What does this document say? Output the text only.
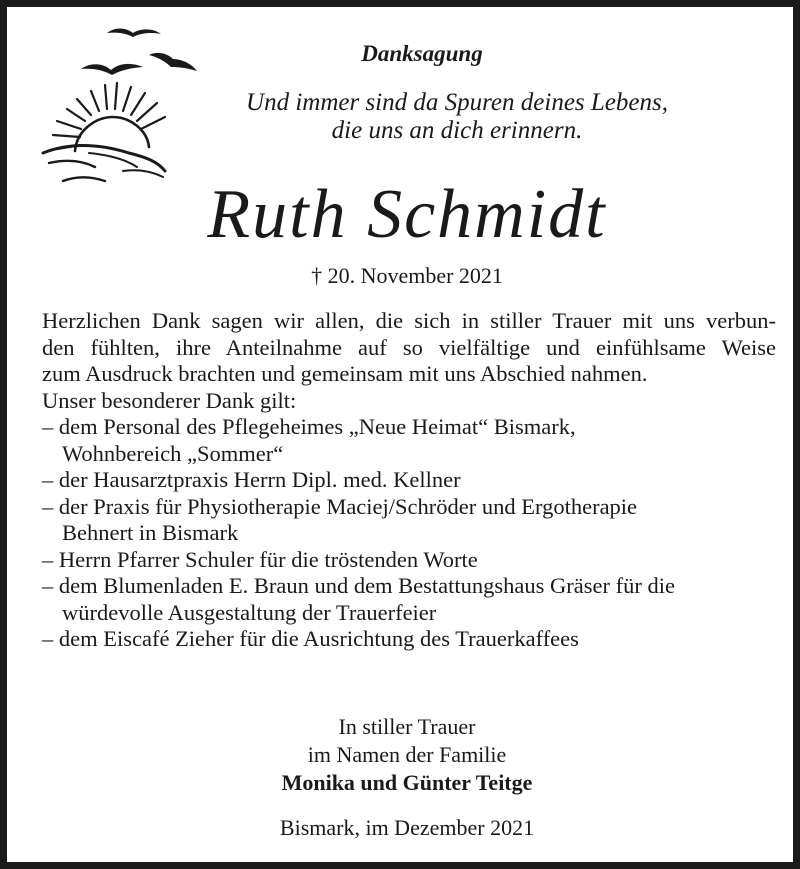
Danksagung
Und immer sind da Spuren deines Lebens,
die uns an dich erinnern.
Ruth Schmidt
† 20. November 2021
Herzlichen Dank sagen wir allen, die sich in stiller Trauer mit uns verbun-
den fühlten, ihre Anteilnahme auf so vielfältige und einfühlsame Weise
zum Ausdruck brachten und gemeinsam mit uns Abschied nahmen.
Unser besonderer Dank gilt:
– dem Personal des Pflegeheimes „Neue Heimat“ Bismark,
Wohnbereich „Sommer“
– der Hausarztpraxis Herrn Dipl. med. Kellner
– der Praxis für Physiotherapie Maciej/Schröder und Ergotherapie
Behnert in Bismark
– Herrn Pfarrer Schuler für die tröstenden Worte
– dem Blumenladen E. Braun und dem Bestattungshaus Gräser für die
würdevolle Ausgestaltung der Trauerfeier
– dem Eiscafé Zieher für die Ausrichtung des Trauerkaffees
In stiller Trauer
im Namen der Familie
Monika und Günter Teitge
Bismark, im Dezember 2021
